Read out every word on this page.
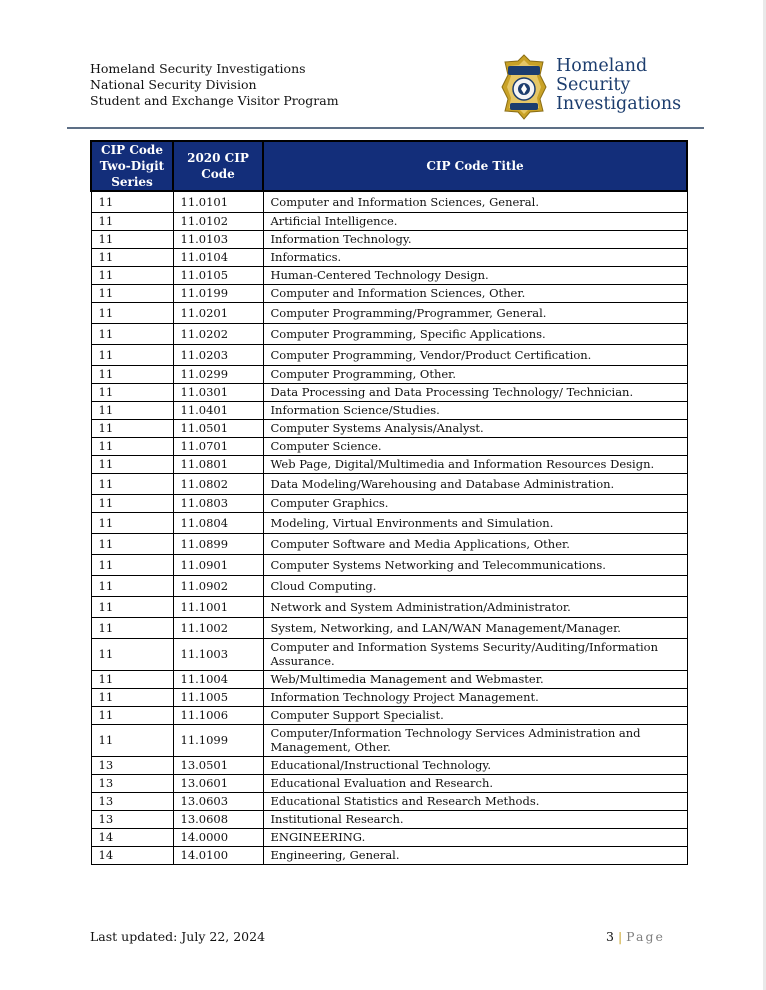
Homeland Security Investigations
National Security Division
Student and Exchange Visitor Program
Homeland
Security
Investigations
CIP Code Two-Digit Series	2020 CIP Code	CIP Code Title
11	11.0101	Computer and Information Sciences, General.
11	11.0102	Artificial Intelligence.
11	11.0103	Information Technology.
11	11.0104	Informatics.
11	11.0105	Human-Centered Technology Design.
11	11.0199	Computer and Information Sciences, Other.
11	11.0201	Computer Programming/Programmer, General.
11	11.0202	Computer Programming, Specific Applications.
11	11.0203	Computer Programming, Vendor/Product Certification.
11	11.0299	Computer Programming, Other.
11	11.0301	Data Processing and Data Processing Technology/ Technician.
11	11.0401	Information Science/Studies.
11	11.0501	Computer Systems Analysis/Analyst.
11	11.0701	Computer Science.
11	11.0801	Web Page, Digital/Multimedia and Information Resources Design.
11	11.0802	Data Modeling/Warehousing and Database Administration.
11	11.0803	Computer Graphics.
11	11.0804	Modeling, Virtual Environments and Simulation.
11	11.0899	Computer Software and Media Applications, Other.
11	11.0901	Computer Systems Networking and Telecommunications.
11	11.0902	Cloud Computing.
11	11.1001	Network and System Administration/Administrator.
11	11.1002	System, Networking, and LAN/WAN Management/Manager.
11	11.1003	Computer and Information Systems Security/Auditing/Information Assurance.
11	11.1004	Web/Multimedia Management and Webmaster.
11	11.1005	Information Technology Project Management.
11	11.1006	Computer Support Specialist.
11	11.1099	Computer/Information Technology Services Administration and Management, Other.
13	13.0501	Educational/Instructional Technology.
13	13.0601	Educational Evaluation and Research.
13	13.0603	Educational Statistics and Research Methods.
13	13.0608	Institutional Research.
14	14.0000	ENGINEERING.
14	14.0100	Engineering, General.
Last updated: July 22, 2024	3 | Page
